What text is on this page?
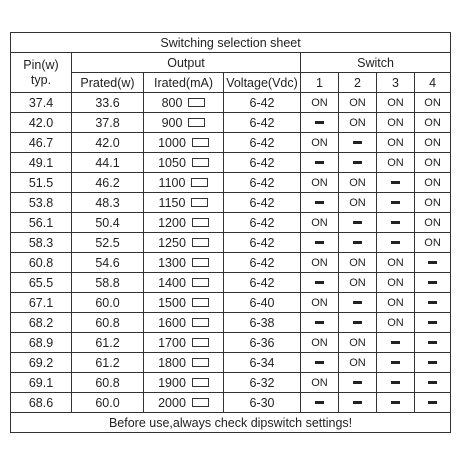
Switching selection sheet							
Pin(w)
typ.	Output			Switch			
	Prated(w)	Irated(mA)	Voltage(Vdc)	1	2	3	4
37.4	33.6	800	6-42	ON	ON	ON	ON
42.0	37.8	900	6-42		ON	ON	ON
46.7	42.0	1000	6-42	ON		ON	ON
49.1	44.1	1050	6-42			ON	ON
51.5	46.2	1100	6-42	ON	ON		ON
53.8	48.3	1150	6-42		ON		ON
56.1	50.4	1200	6-42	ON			ON
58.3	52.5	1250	6-42				ON
60.8	54.6	1300	6-42	ON	ON	ON	
65.5	58.8	1400	6-42		ON	ON	
67.1	60.0	1500	6-40	ON		ON	
68.2	60.8	1600	6-38			ON	
68.9	61.2	1700	6-36	ON	ON		
69.2	61.2	1800	6-34		ON		
69.1	60.8	1900	6-32	ON			
68.6	60.0	2000	6-30				
Before use,always check dipswitch settings!							
